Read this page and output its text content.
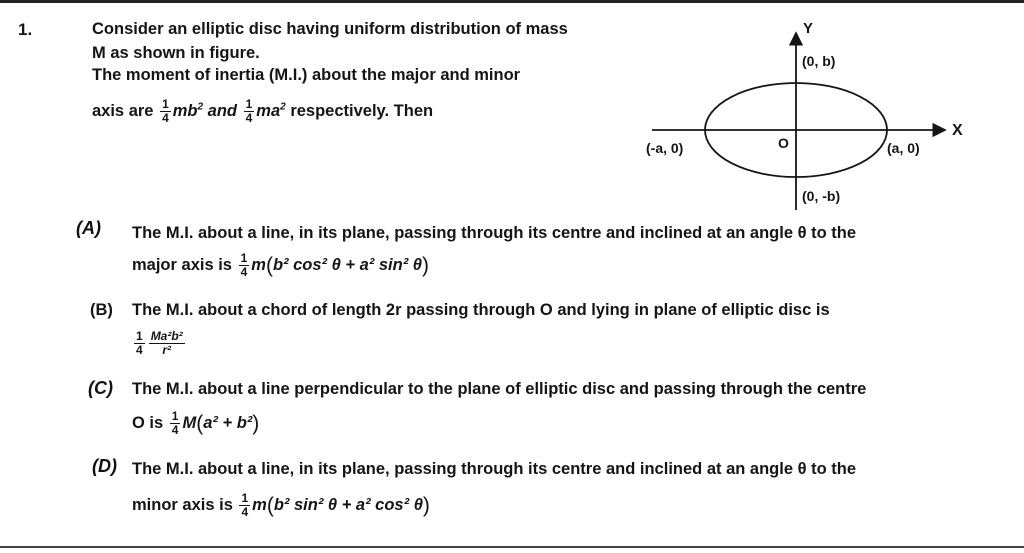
1.	Consider an elliptic disc having uniform distribution of mass
M as shown in figure.
The moment of inertia (M.I.) about the major and minor
axis are $\frac{1}{4} mb^2$ and $\frac{1}{4} ma^2$ respectively. Then
Y
X
(0, b)
(0, -b)
(-a, 0)	(a, 0)
O
(A) The M.I. about a line, in its plane, passing through its centre and inclined at an angle θ to the
major axis is $\frac{1}{4} m(b^2$ cos² θ + a² sin² θ)
(B) The M.I. about a chord of length 2r passing through O and lying in plane of elliptic disc is
$\frac{1}{4} \frac{\text{Ma²b²}}{\text{r²}}$
(C) The M.I. about a line perpendicular to the plane of elliptic disc and passing through the centre
O is $\frac{1}{4} M(a^2 + b^2)$
(D) The M.I. about a line, in its plane, passing through its centre and inclined at an angle θ to the
minor axis is $\frac{1}{4} m(b^2$ sin² θ + a² cos² θ)
